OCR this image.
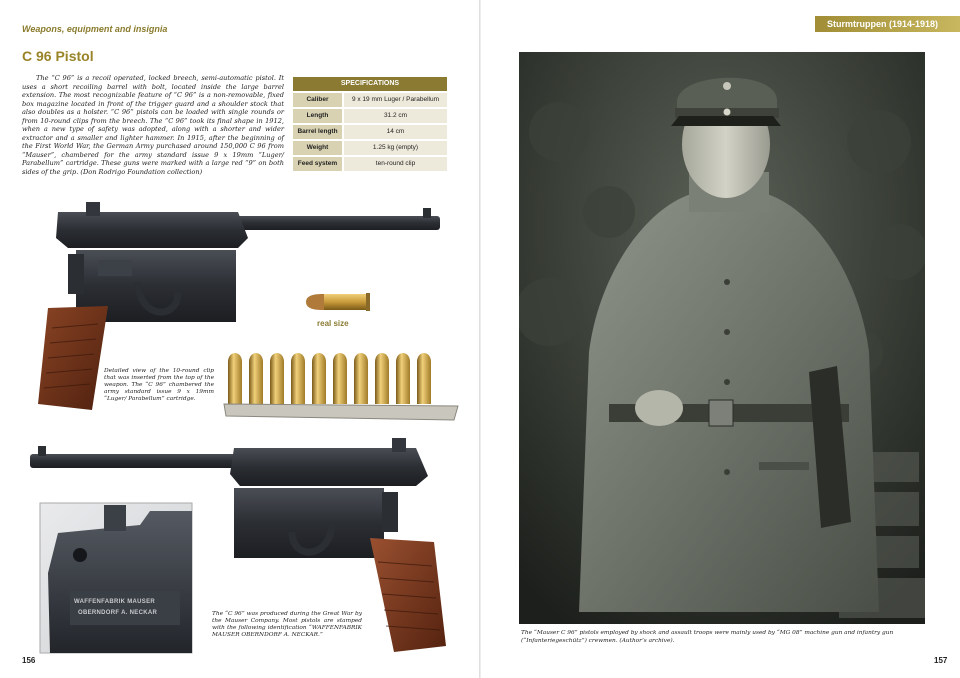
Weapons, equipment and insignia
C 96 Pistol
The “C 96” is a recoil operated, locked breech, semi-automatic pistol. It uses a short recoiling barrel with bolt, located inside the large barrel extension. The most recognizable feature of “C 96” is a non-removable, fixed box magazine located in front of the trigger guard and a shoulder stock that also doubles as a holster. “C 96” pistols can be loaded with single rounds or from 10-round clips from the breech. The “C 96” took its final shape in 1912, when a new type of safety was adopted, along with a shorter and wider extractor and a smaller and lighter hammer. In 1915, after the beginning of the First World War, the German Army purchased around 150,000 C 96 from “Mauser”, chambered for the army standard issue 9 x 19mm “Luger/ Parabellum” cartridge. These guns were marked with a large red “9” on both sides of the grip. (Don Rodrigo Foundation collection)
SPECIFICATIONS
Caliber	9 x 19 mm Luger / Parabellum
Length	31.2 cm
Barrel length	14 cm
Weight	1.25 kg (empty)
Feed system	ten-round clip
real size
Detailed view of the 10-round clip that was inserted from the top of the weapon. The “C 96” chambered the army standard issue 9 x 19mm “Luger/ Parabellum” cartridge.
WAFFENFABRIK MAUSER
OBERNDORF A. NECKAR	The “C 96” was produced during the Great War by the Mauser Company. Most pistols are stamped with the following identification “WAFFENFABRIK MAUSER OBERNDORF A. NECKAR.”
156
Sturmtruppen (1914-1918)
157
The “Mauser C 96” pistols employed by shock and assault troops were mainly used by “MG 08” machine gun and infantry gun (“Infanteriegeschütz”) crewmen. (Author’s archive).
